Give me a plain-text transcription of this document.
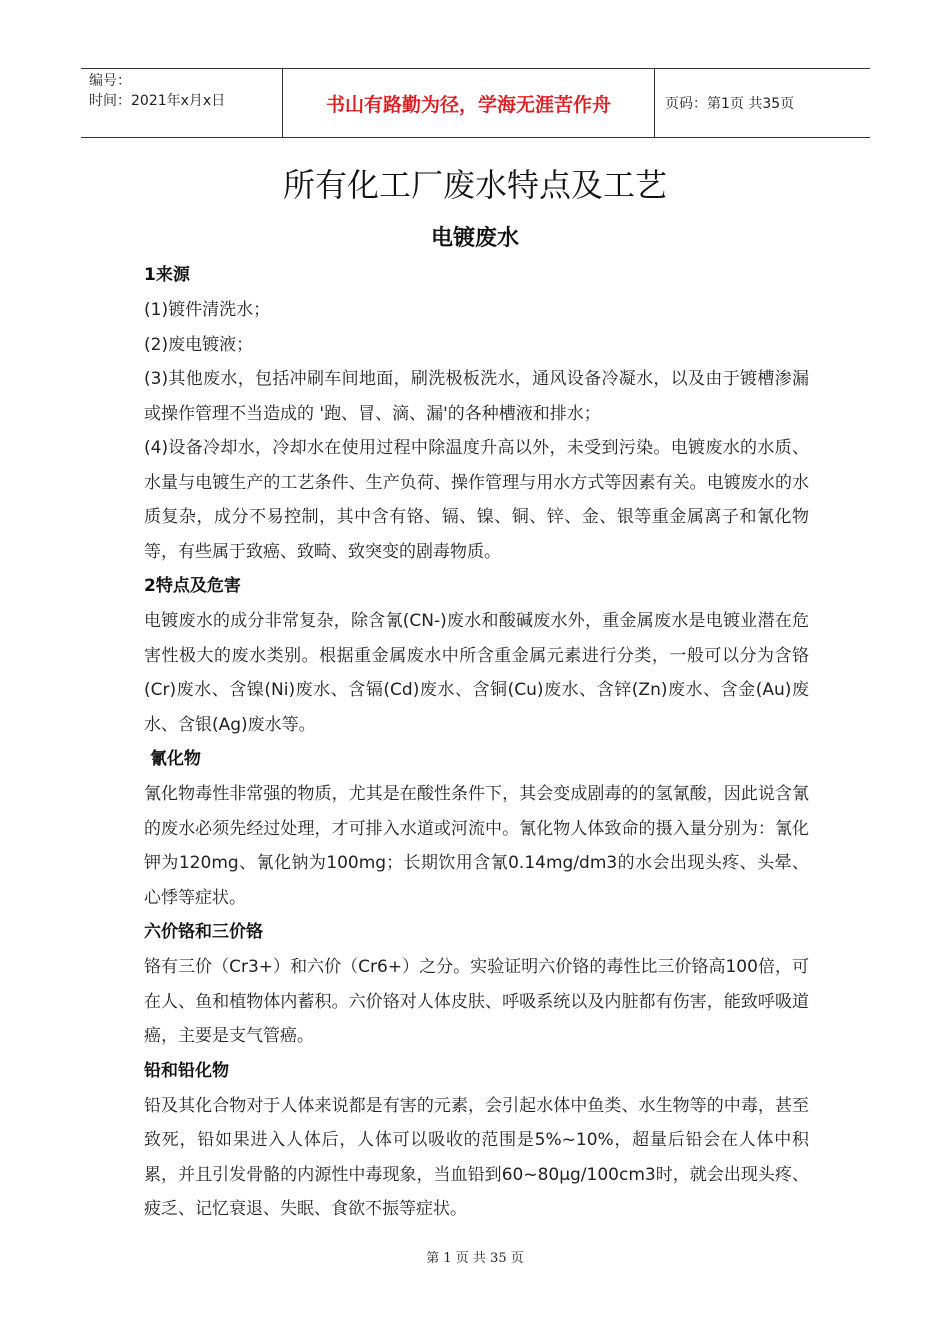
编号：
时间：2021年x月x日	书山有路勤为径，学海无涯苦作舟	页码：第1页 共35页
所有化工厂废水特点及工艺
电镀废水
1来源
(1)镀件清洗水；
(2)废电镀液；
(3)其他废水，包括冲刷车间地面，刷洗极板洗水，通风设备冷凝水，以及由于镀槽渗漏或操作管理不当造成的 '跑、冒、滴、漏'的各种槽液和排水；
(4)设备冷却水，冷却水在使用过程中除温度升高以外，未受到污染。电镀废水的水质、水量与电镀生产的工艺条件、生产负荷、操作管理与用水方式等因素有关。电镀废水的水质复杂，成分不易控制，其中含有铬、镉、镍、铜、锌、金、银等重金属离子和氰化物等，有些属于致癌、致畸、致突变的剧毒物质。
2特点及危害
电镀废水的成分非常复杂，除含氰(CN-)废水和酸碱废水外，重金属废水是电镀业潜在危害性极大的废水类别。根据重金属废水中所含重金属元素进行分类，一般可以分为含铬(Cr)废水、含镍(Ni)废水、含镉(Cd)废水、含铜(Cu)废水、含锌(Zn)废水、含金(Au)废水、含银(Ag)废水等。
氰化物
氰化物毒性非常强的物质，尤其是在酸性条件下，其会变成剧毒的的氢氰酸，因此说含氰的废水必须先经过处理，才可排入水道或河流中。氰化物人体致命的摄入量分别为：氰化钾为120mg、氰化钠为100mg；长期饮用含氰0.14mg/dm3的水会出现头疼、头晕、心悸等症状。
六价铬和三价铬
铬有三价（Cr3+）和六价（Cr6+）之分。实验证明六价铬的毒性比三价铬高100倍，可在人、鱼和植物体内蓄积。六价铬对人体皮肤、呼吸系统以及内脏都有伤害，能致呼吸道癌，主要是支气管癌。
铅和铅化物
铅及其化合物对于人体来说都是有害的元素，会引起水体中鱼类、水生物等的中毒，甚至致死，铅如果进入人体后，人体可以吸收的范围是5%~10%，超量后铅会在人体中积累，并且引发骨骼的内源性中毒现象，当血铅到60~80μg/100cm3时，就会出现头疼、疲乏、记忆衰退、失眠、食欲不振等症状。
第 1 页 共 35 页
